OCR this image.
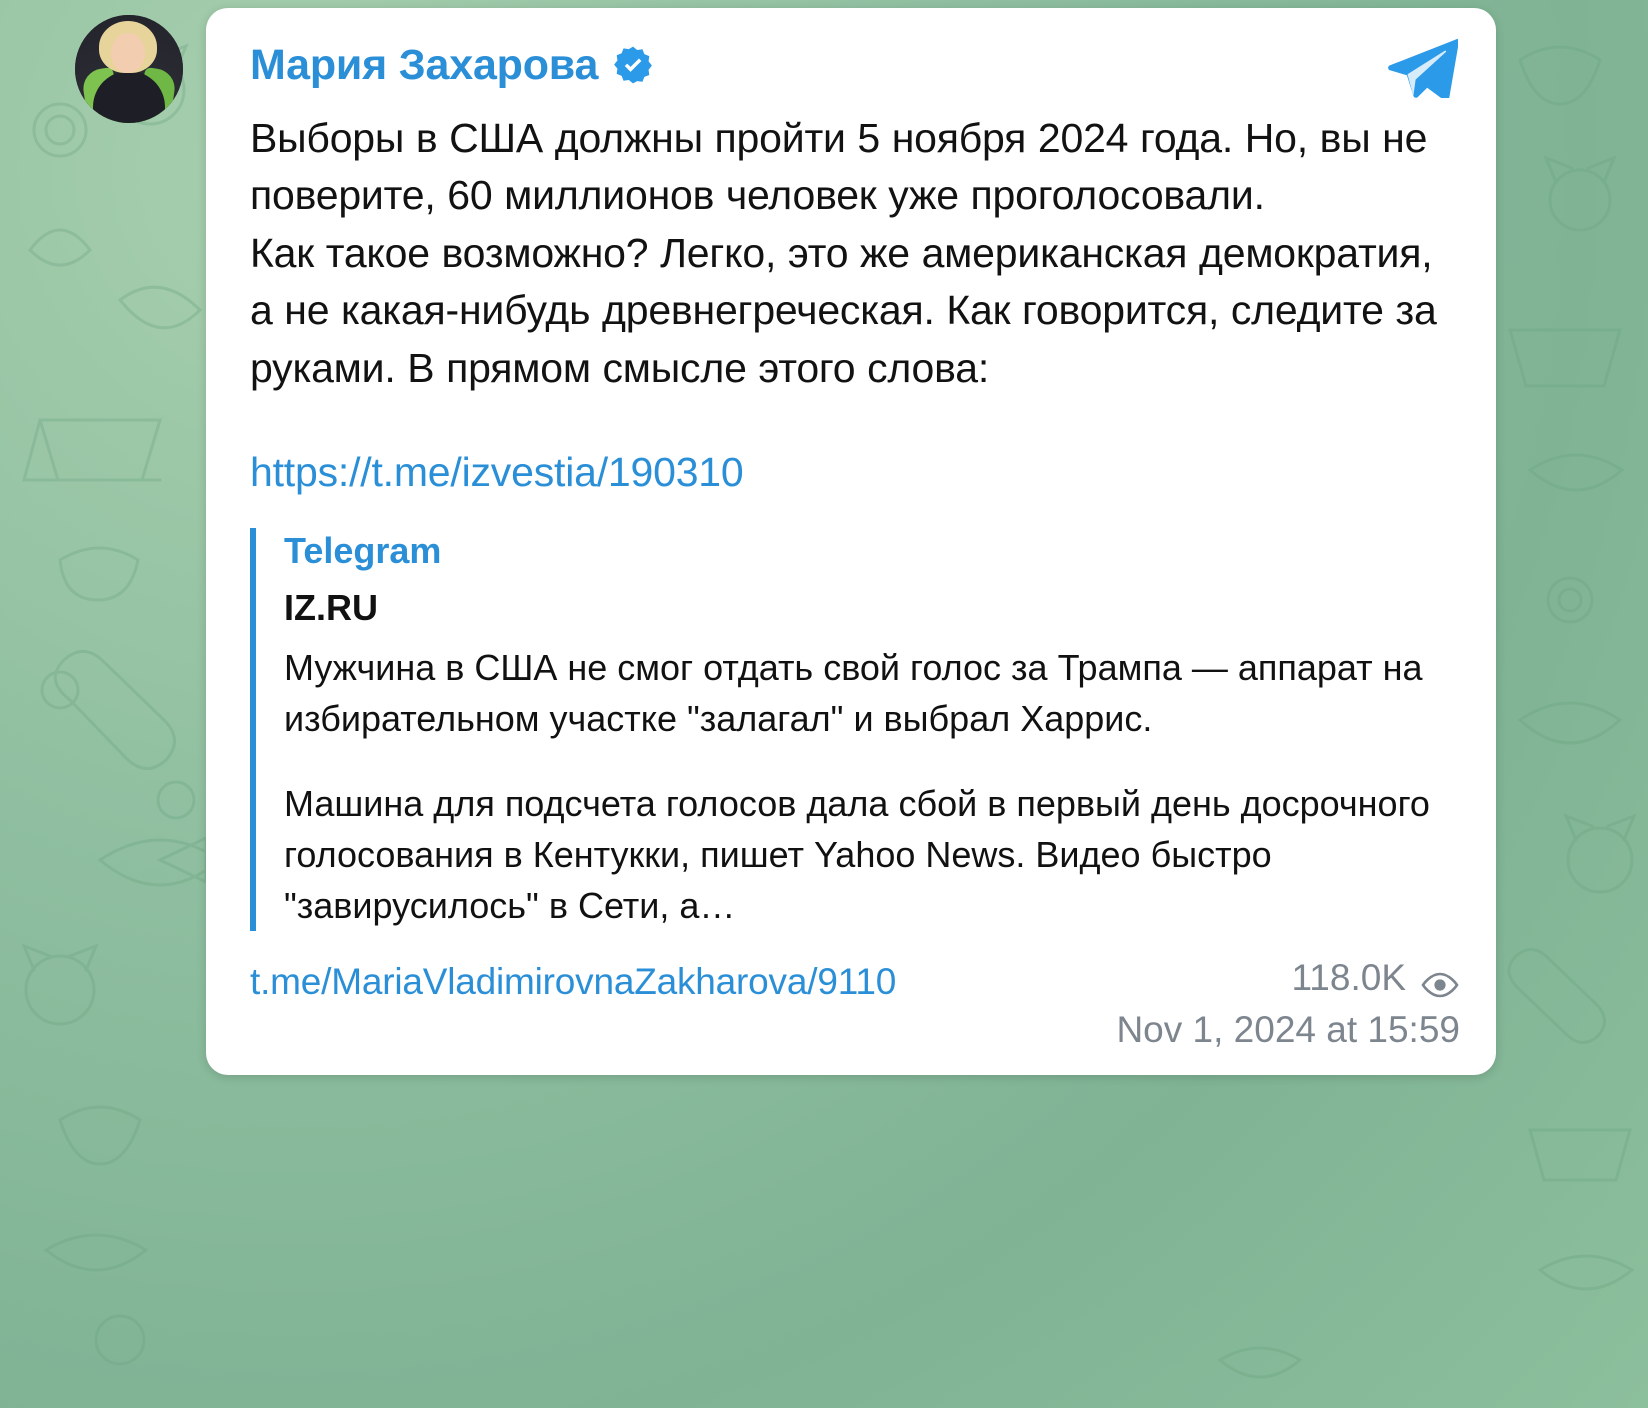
Мария Захарова
Выборы в США должны пройти 5 ноября 2024 года. Но, вы не поверите, 60 миллионов человек уже проголосовали.

Как такое возможно? Легко, это же американская демократия, а не какая-нибудь древнегреческая. Как говорится, следите за руками. В прямом смысле этого слова:
https://t.me/izvestia/190310
Telegram
IZ.RU

Мужчина в США не смог отдать свой голос за Трампа — аппарат на избирательном участке "залагал" и выбрал Харрис.

Машина для подсчета голосов дала сбой в первый день досрочного голосования в Кентукки, пишет Yahoo News. Видео быстро "завирусилось" в Сети, а…

t.me/MariaVladimirovnaZakharova/9110	118.0K
Nov 1, 2024 at 15:59
